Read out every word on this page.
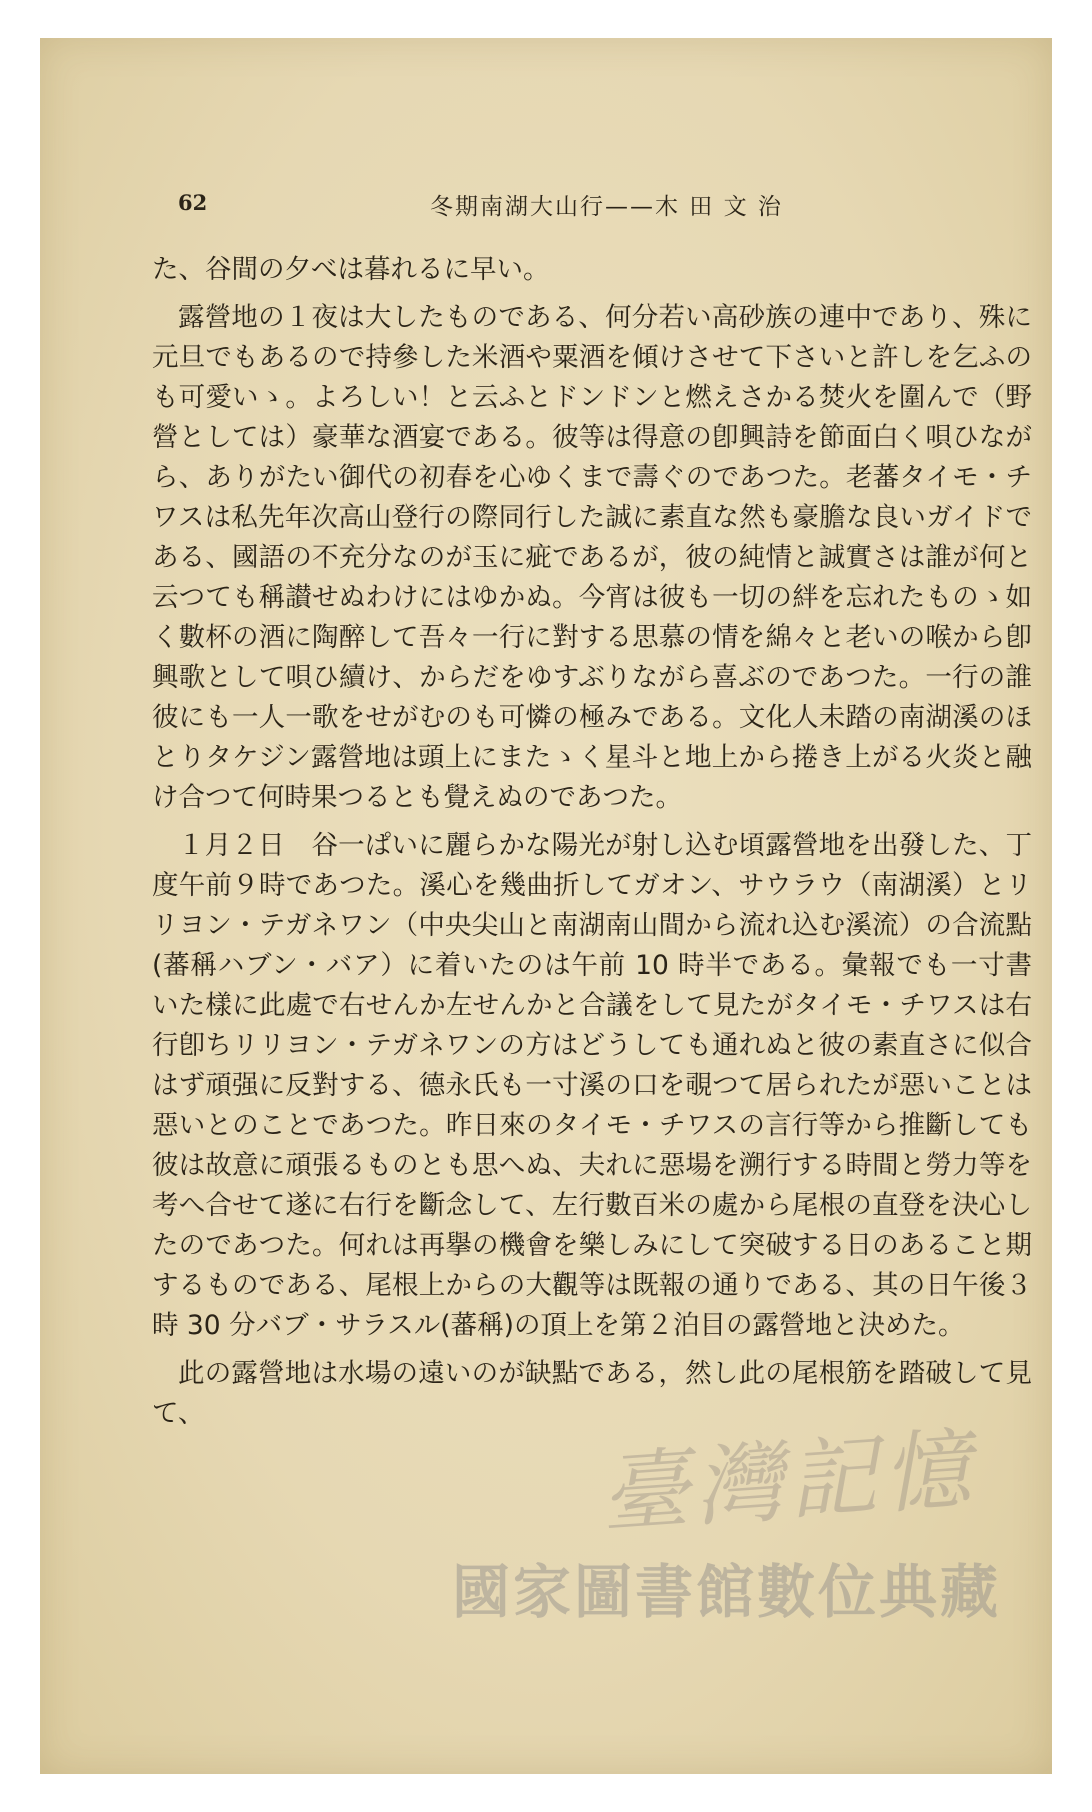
62	冬期南湖大山行——木 田 文 治

た、谷間の夕べは暮れるに早い。

露營地の１夜は大したものである、何分若い高砂族の連中であり、殊に元旦でもあるので持參した米酒や粟酒を傾けさせて下さいと許しを乞ふのも可愛いゝ。よろしい！と云ふとドンドンと燃えさかる焚火を圍んで（野營としては）豪華な酒宴である。彼等は得意の卽興詩を節面白く唄ひながら、ありがたい御代の初春を心ゆくまで壽ぐのであつた。老蕃タイモ・チワスは私先年次高山登行の際同行した誠に素直な然も豪膽な良いガイドである、國語の不充分なのが玉に疵であるが，彼の純情と誠實さは誰が何と云つても稱讃せぬわけにはゆかぬ。今宵は彼も一切の絆を忘れたものゝ如く數杯の酒に陶醉して吾々一行に對する思慕の情を綿々と老いの喉から卽興歌として唄ひ續け、からだをゆすぶりながら喜ぶのであつた。一行の誰彼にも一人一歌をせがむのも可憐の極みである。文化人未踏の南湖溪のほとりタケジン露營地は頭上にまたゝく星斗と地上から捲き上がる火炎と融け合つて何時果つるとも覺えぬのであつた。

１月２日　谷一ぱいに麗らかな陽光が射し込む頃露營地を出發した、丁度午前９時であつた。溪心を幾曲折してガオン、サウラウ（南湖溪）とリリヨン・テガネワン（中央尖山と南湖南山間から流れ込む溪流）の合流點(蕃稱ハブン・バア）に着いたのは午前 10 時半である。彙報でも一寸書いた樣に此處で右せんか左せんかと合議をして見たがタイモ・チワスは右行卽ちリリヨン・テガネワンの方はどうしても通れぬと彼の素直さに似合はず頑强に反對する、德永氏も一寸溪の口を覗つて居られたが惡いことは惡いとのことであつた。昨日來のタイモ・チワスの言行等から推斷しても彼は故意に頑張るものとも思へぬ、夫れに惡場を溯行する時間と勞力等を考へ合せて遂に右行を斷念して、左行數百米の處から尾根の直登を決心したのであつた。何れは再擧の機會を樂しみにして突破する日のあること期するものである、尾根上からの大觀等は既報の通りである、其の日午後３時 30 分バブ・サラスル(蕃稱)の頂上を第２泊目の露營地と決めた。

此の露營地は水場の遠いのが缺點である，然し此の尾根筋を踏破して見て、

臺灣記憶
國家圖書館數位典藏
